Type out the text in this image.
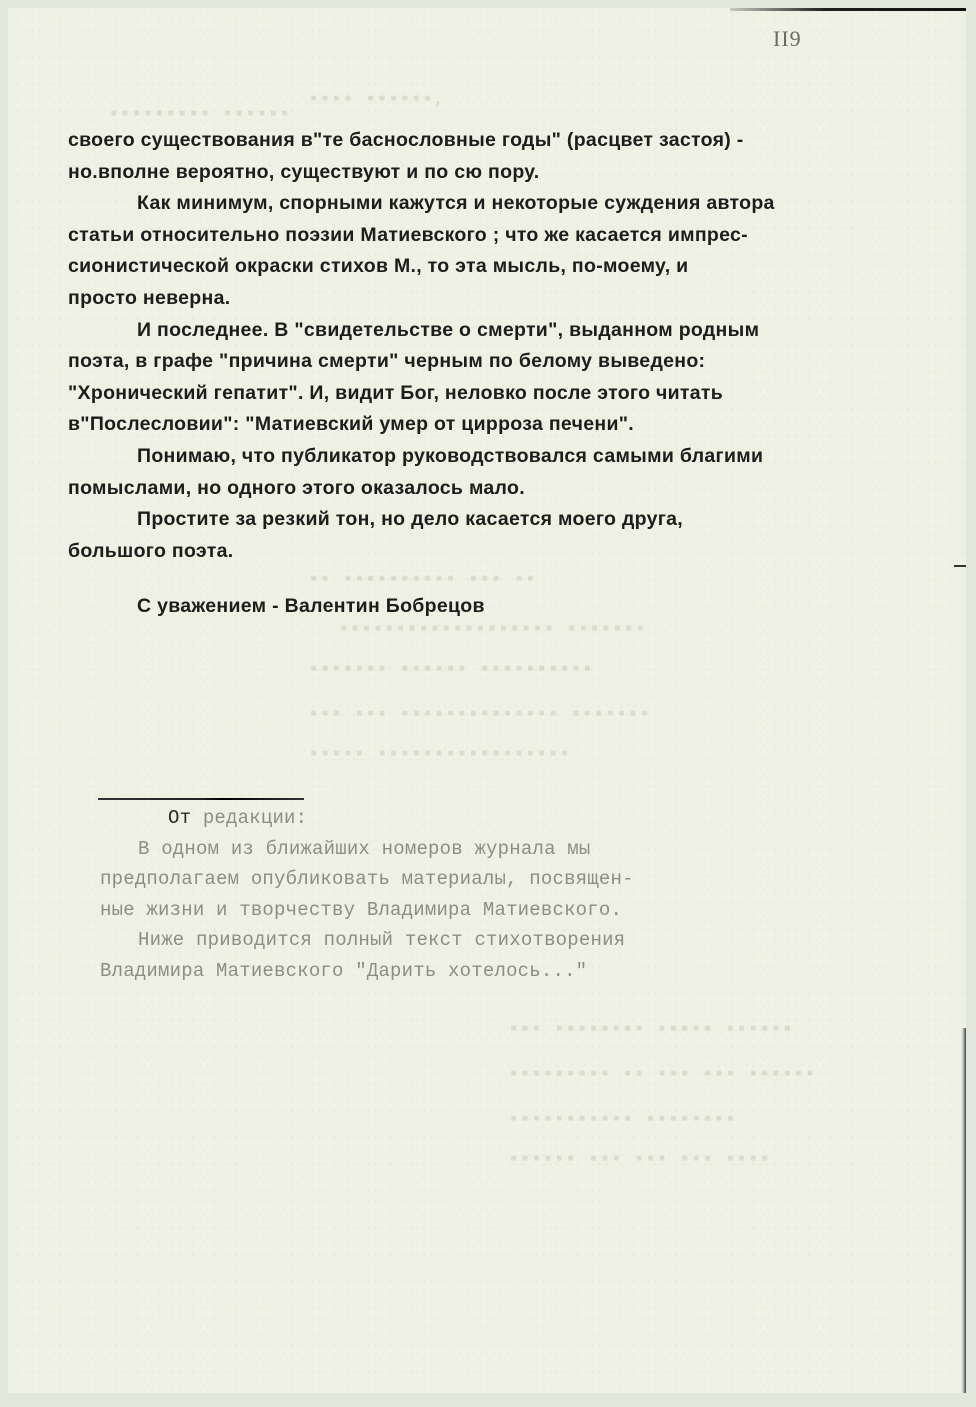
II9
▪▪▪▪ ▪▪▪▪▪▪,
▪▪▪▪▪▪▪▪▪ ▪▪▪▪▪▪
▪▪ ▪▪▪▪▪▪▪▪▪▪ ▪▪▪ ▪▪
▪▪▪▪▪▪▪▪▪▪▪▪▪▪▪▪▪▪▪ ▪▪▪▪▪▪▪
▪▪▪▪▪▪▪ ▪▪▪▪▪▪ ▪▪▪▪▪▪▪▪▪▪
▪▪▪ ▪▪▪ ▪▪▪▪▪▪▪▪▪▪▪▪▪▪ ▪▪▪▪▪▪▪
▪▪▪▪▪ ▪▪▪▪▪▪▪▪▪▪▪▪▪▪▪▪▪
▪▪▪ ▪▪▪▪▪▪▪▪ ▪▪▪▪▪ ▪▪▪▪▪▪
▪▪▪▪▪▪▪▪▪ ▪▪ ▪▪▪ ▪▪▪ ▪▪▪▪▪▪
▪▪▪▪▪▪▪▪▪▪▪ ▪▪▪▪▪▪▪▪
▪▪▪▪▪▪ ▪▪▪ ▪▪▪ ▪▪▪ ▪▪▪▪
своего существования в"те баснословные годы" (расцвет застоя) -
но.вполне вероятно, существуют и по сю пору.
Как минимум, спорными кажутся и некоторые суждения автора
статьи относительно поэзии Матиевского ; что же касается импрес-
сионистической окраски стихов М., то эта мысль, по-моему, и
просто неверна.
И последнее. В "свидетельстве о смерти", выданном родным
поэта, в графе "причина смерти" черным по белому выведено:
"Хронический гепатит". И, видит Бог, неловко после этого читать
в"Послесловии": "Матиевский умер от цирроза печени".
Понимаю, что публикатор руководствовался самыми благими
помыслами, но одного этого оказалось мало.
Простите за резкий тон, но дело касается моего друга,
большого поэта.
С уважением - Валентин Бобрецов
От редакции:
В одном из ближайших номеров журнала мы
предполагаем опубликовать материалы, посвящен-
ные жизни и творчеству Владимира Матиевского.
Ниже приводится полный текст стихотворения
Владимира Матиевского "Дарить хотелось..."
